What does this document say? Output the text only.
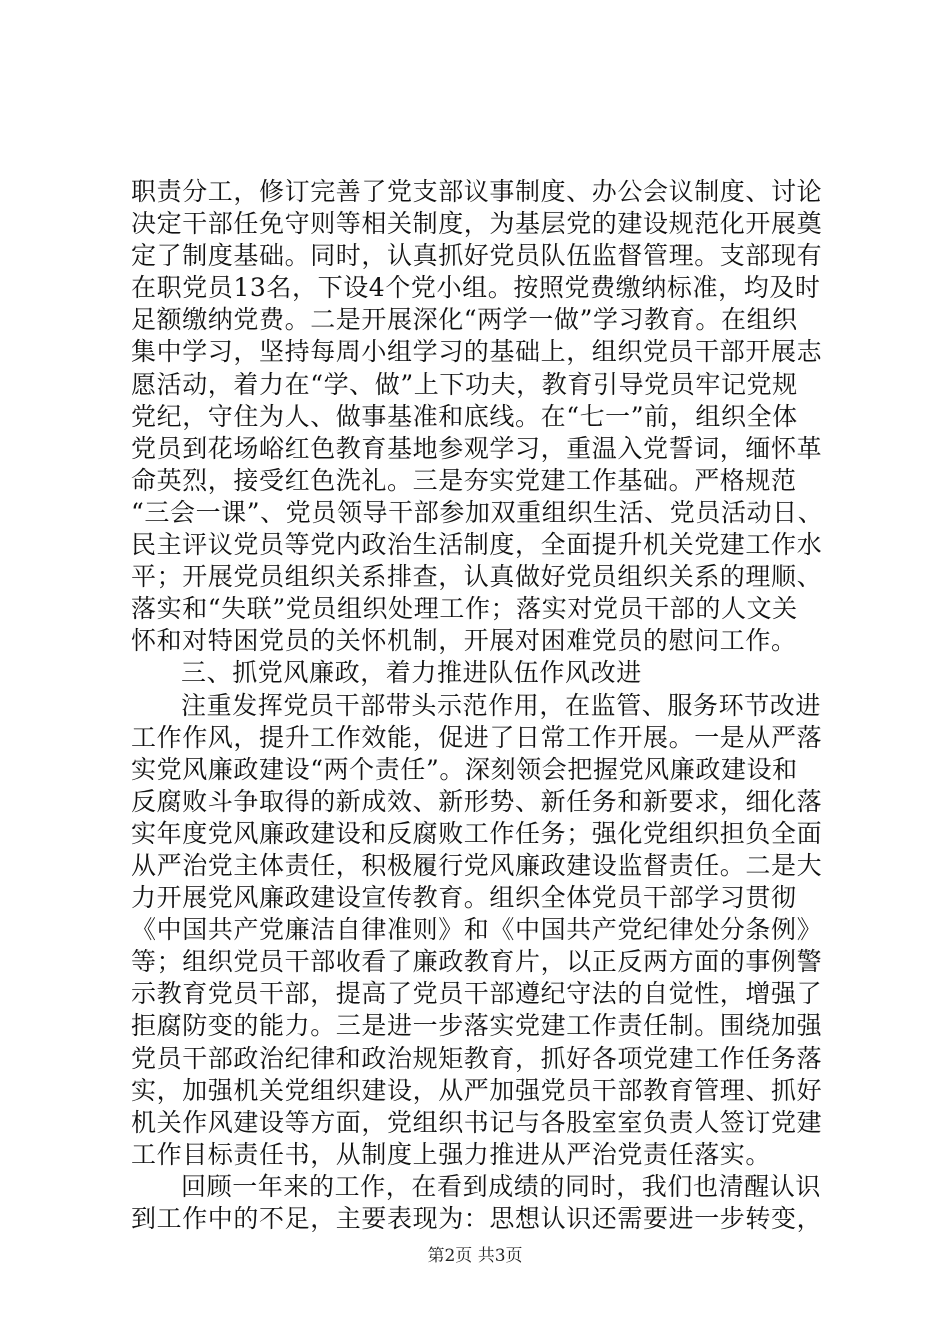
职责分工，修订完善了党支部议事制度、办公会议制度、讨论
决定干部任免守则等相关制度，为基层党的建设规范化开展奠
定了制度基础。同时，认真抓好党员队伍监督管理。支部现有
在职党员13名，下设4个党小组。按照党费缴纳标准，均及时
足额缴纳党费。二是开展深化“两学一做”学习教育。在组织
集中学习，坚持每周小组学习的基础上，组织党员干部开展志
愿活动，着力在“学、做”上下功夫，教育引导党员牢记党规
党纪，守住为人、做事基准和底线。在“七一”前，组织全体
党员到花场峪红色教育基地参观学习，重温入党誓词，缅怀革
命英烈，接受红色洗礼。三是夯实党建工作基础。严格规范
“三会一课”、党员领导干部参加双重组织生活、党员活动日、
民主评议党员等党内政治生活制度，全面提升机关党建工作水
平；开展党员组织关系排查，认真做好党员组织关系的理顺、
落实和“失联”党员组织处理工作；落实对党员干部的人文关
怀和对特困党员的关怀机制，开展对困难党员的慰问工作。
三、抓党风廉政，着力推进队伍作风改进
注重发挥党员干部带头示范作用，在监管、服务环节改进
工作作风，提升工作效能，促进了日常工作开展。一是从严落
实党风廉政建设“两个责任”。深刻领会把握党风廉政建设和
反腐败斗争取得的新成效、新形势、新任务和新要求，细化落
实年度党风廉政建设和反腐败工作任务；强化党组织担负全面
从严治党主体责任，积极履行党风廉政建设监督责任。二是大
力开展党风廉政建设宣传教育。组织全体党员干部学习贯彻
《中国共产党廉洁自律准则》和《中国共产党纪律处分条例》
等；组织党员干部收看了廉政教育片，以正反两方面的事例警
示教育党员干部，提高了党员干部遵纪守法的自觉性，增强了
拒腐防变的能力。三是进一步落实党建工作责任制。围绕加强
党员干部政治纪律和政治规矩教育，抓好各项党建工作任务落
实，加强机关党组织建设，从严加强党员干部教育管理、抓好
机关作风建设等方面，党组织书记与各股室室负责人签订党建
工作目标责任书，从制度上强力推进从严治党责任落实。
回顾一年来的工作，在看到成绩的同时，我们也清醒认识
到工作中的不足，主要表现为：思想认识还需要进一步转变，
第2页 共3页
